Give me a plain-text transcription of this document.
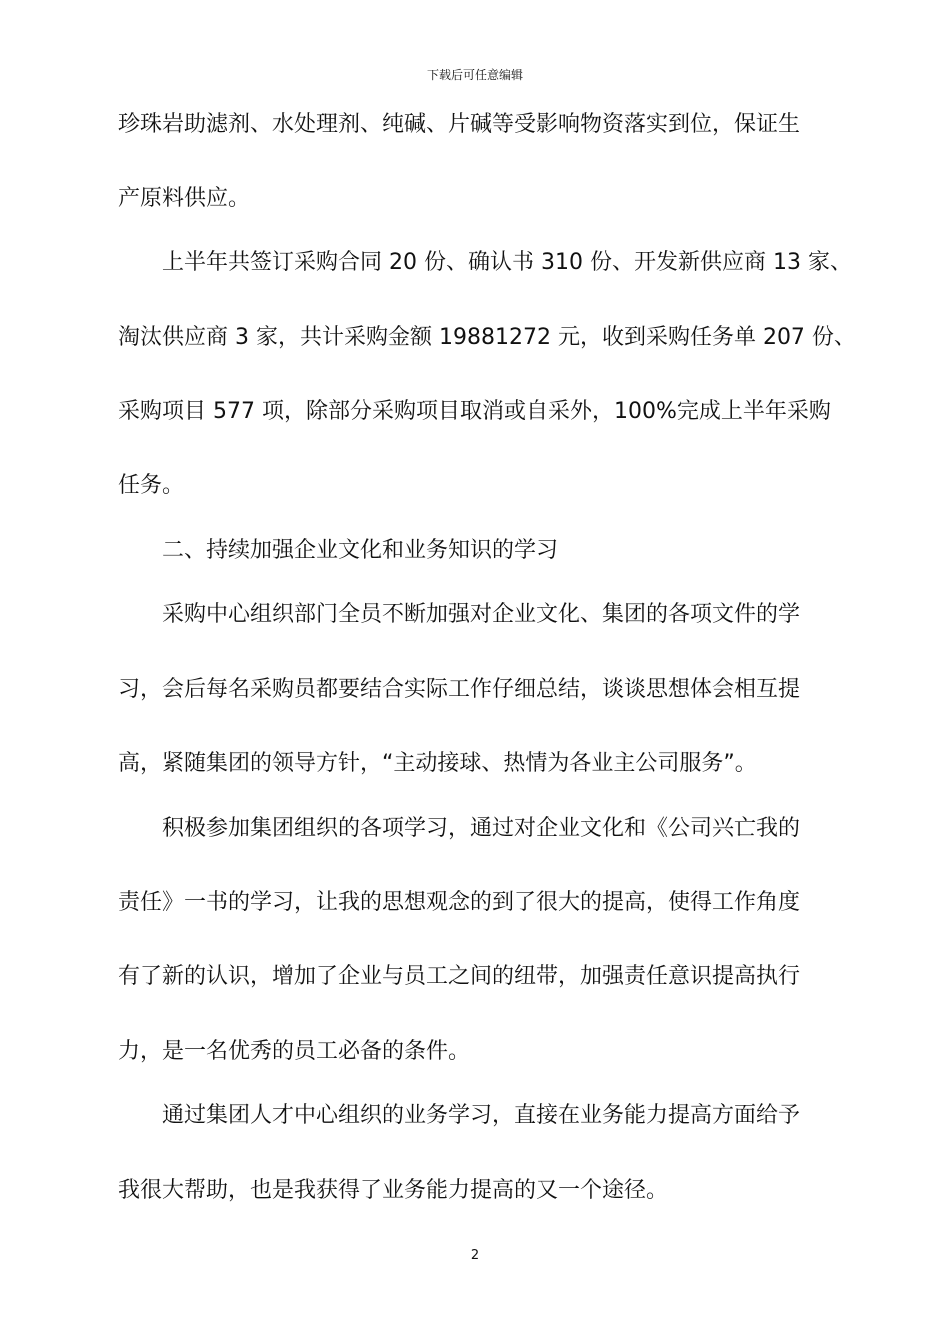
下载后可任意编辑
珍珠岩助滤剂、水处理剂、纯碱、片碱等受影响物资落实到位，保证生
产原料供应。
上半年共签订采购合同 20 份、确认书 310 份、开发新供应商 13 家、
淘汰供应商 3 家，共计采购金额 19881272 元，收到采购任务单 207 份、
采购项目 577 项，除部分采购项目取消或自采外，100%完成上半年采购
任务。
二、持续加强企业文化和业务知识的学习
采购中心组织部门全员不断加强对企业文化、集团的各项文件的学
习，会后每名采购员都要结合实际工作仔细总结，谈谈思想体会相互提
高，紧随集团的领导方针，“主动接球、热情为各业主公司服务”。
积极参加集团组织的各项学习，通过对企业文化和《公司兴亡我的
责任》一书的学习，让我的思想观念的到了很大的提高，使得工作角度
有了新的认识，增加了企业与员工之间的纽带，加强责任意识提高执行
力，是一名优秀的员工必备的条件。
通过集团人才中心组织的业务学习，直接在业务能力提高方面给予
我很大帮助，也是我获得了业务能力提高的又一个途径。
2
